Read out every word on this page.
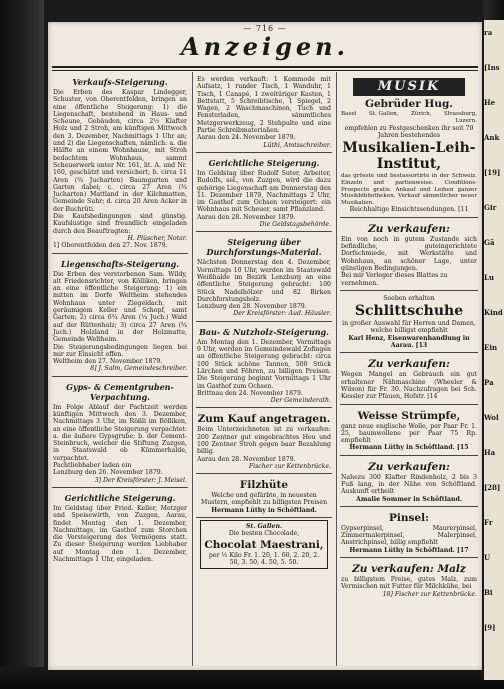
ra
[Ins
He
Ank
[19]
Gir
Gä
Lu
Kind
Ein
Pa
Wol
Ha
[28]
Fr
U
Bi
[9]
— 716 —
Anzeigen.
Verkaufs-Steigerung.
Die Erben des Kaspar Lindegger, Schuster, von Oberentfelden, bringen an eine öffentliche Steigerung: 1) die Liegenschaft, bestehend in Haus- und Scheune, Gebäuden, circa 2½ Klafter Holz und 2 Stroh, am künftigen Mittwoch den 3. Dezember, Nachmittags 1 Uhr an; und 2) die Liegenschaften, nämlich: a. die Hälfte an einem Wohnhause, mit Stroh bedachtem Wohnhaus, sammt Scheuerwerk unter Nr. 161, lit. A. und Nr. 160, geschätzt und versichert; b. circa 11 Aren (¾ Jucharten) Baumgarten und Garten dabei; c. circa 27 Aren (¾ Jucharten) Mattland in der Kilchmatten, Gemeinde Suhr; d. circa 20 Aren Acker in der Buchrüti.
Die Kaufsbedingungen sind günstig. Kaufslustige sind freundlich eingeladen durch den Beauftragten:
H. Plüscher, Notar.
1] Oberentfelden den 27. Nov. 1879.
Liegenschafts-Steigerung.
Die Erben des verstorbenen Sam. Wildy, alt Friedensrichter, von Kölliken, bringen an eine öffentliche Steigerung: 1) ein mitten im Dorfe Weltheim stehendes Wohnhaus unter Ziegeldach, mit geräumigem Keller und Schopf, samt Garten; 2) circa 6¾ Aren (¼ Juch.) Wald auf der Rüttenholz; 3) circa 27 Aren (¾ Juch.) Holzland in der Holzmatte, Gemeinde Weltheim.
Die Steigerungsbedingungen liegen bei mir zur Einsicht offen.
Weltheim den 27. November 1879.
8] J. Salm, Gemeindeschreiber.
Gyps- & Cementgruben-Verpachtung.
Im Folge Ablauf der Pachtzeit werden künftigen Mittwoch den 3. Dezember, Nachmittags 3 Uhr, im Rößli im Bölliken, an eine öffentliche Steigerung verpachtet: a. die äußere Gypsgrube; b. der Cement-Steinbruch, welcher die Stiftung Zuzgen, in Staatswald ob Kümmerhalde, verpachtet.
Pachtliebhaber laden ein
Lenzburg den 26. November 1879.
3] Der Kreisförster: J. Meisel.
Gerichtliche Steigerung.
Im Geldstag über Fried. Keller, Metzger und Speisewirth, von Zuzgen, Aarau, findet Montag den 1. Dezember, Nachmittags, im Gasthof zum Storchen die Versteigerung des Vermögens statt. Zu dieser Steigerung werden Liebhaber auf Montag den 1. Dezember, Nachmittags 1 Uhr, eingeladen.
Es werden verkauft: 1 Kommode mit Aufsatz, 1 runder Tisch, 1 Wanduhr, 1 Tisch, 1 Canapé, 1 zweitüriger Kasten, 1 Bettstatt, 5 Schreibtische, 1 Spiegel, 2 Wagen, 2 Waschmaschinen, Tuch und Fensterladen, sämmtliches Metzgerwerkzeug, 2 Stehpulte und eine Partie Schreibmaterialien.
Aarau den 24. November 1879.
Lüthi, Amtsschreiber.
Gerichtliche Steigerung.
Im Geldstag über Rudolf Suter, Arbeiter, Rudolfs, sel., von Zuzgen, wird die dazu gehörige Liegenschaft am Donnerstag den 11. Dezember 1879, Nachmittags 2 Uhr, im Gasthof zum Ochsen versteigert: ein Wohnhaus mit Scheuer, samt Pflanzland.
Aarau den 28. November 1879.
Die Geldstagsbehörde.
Steigerung über Durchforstungs-Material.
Nächsten Donnerstag den 4. Dezember, Vormittags 10 Uhr, werden im Staatswald Weißhalde im Bezirk Lenzburg an eine öffentliche Steigerung gebracht: 100 Stück Nadelhölzer und 82 Birken Durchforstungsholz.
Lenzburg den 28. November 1879.
Der Kreisförster: Aud. Häusler.
Bau- & Nutzholz-Steigerung.
Am Montag den 1. Dezember, Vormittags 9 Uhr, werden im Gemeindewald Zofingen an öffentliche Steigerung gebracht: circa 100 Stück schöne Tannen, 500 Stück Lärchen und Föhren, zu billigen Preisen. Die Steigerung beginnt Vormittags 1 Uhr im Gasthof zum Ochsen.
Brittnau den 24. November 1879.
Der Gemeinderath.
Zum Kauf angetragen.
Beim Unterzeichneten ist zu verkaufen: 200 Zentner gut eingebrachtes Heu und 100 Zentner Stroh gegen baar Bezahlung billig.
Aarau den 28. November 1879.
Fischer zur Kettenbrücke.
Filzhüte
Welche und gefärbte, in neuesten Mustern, empfiehlt zu billigsten Preisen
Hermann Lüthy in Schöftland.
St. Gallen.
Die besten Chocolade,
Chocolat Maestrani,
per ½ Kilo Fr. 1. 20, 1. 60, 2. 20, 2. 50, 3. 50, 4. 50, 5. 50.
MUSIK
Gebrüder Hug.
Basel St. Gallen, Zürich, Strassburg,
Luzern.
empfehlen zu Festgeschenken ihr seit 70 Jahren bestehendes
Musikalien-Leih-Institut,
das grösste und bestassortirte in der Schweiz. Einzeln und partienweise. Conditions-Prospecte gratis. Ankauf und Leihen ganzer Musikbibliotheken. Verkauf sämmtlicher neuer Musikalien.
Reichhaltige Einsichtssendungen. [11
Zu verkaufen:
Ein von noch in gutem Zustande sich befindliche, guteingerichtete Dorfschmiede, mit Werkstätte und Wohnhaus, an schöner Lage, unter günstigen Bedingungen.
Bei mir Verleger dieses Blattes zu vernehmen.
Soeben erhalten
Schlittschuhe
in großer Auswahl für Herren und Damen, welche billigst empfiehlt
Karl Henz, Eisenwarenhandlung in Aarau. [13
Zu verkaufen:
Wegen Mangel an Gebrauch ein gut erhaltener Nähmaschine (Wheeler & Wilson) für Fr. 30. Nachzufragen bei Sch. Kessler zur Pfauen, Hofstr. [14
Weisse Strümpfe,
ganz neue englische Wolle, per Paar Fr. 1. 25, baumwollene per Paar 75 Rp. empfiehlt
Hermann Lüthy in Schöftland. [15
Zu verkaufen:
Nahezu 300 Klafter Rindenholz, 2 bis 3 Fuß lang, in der Nähe von Schöftland. Auskunft ertheilt
Amalie Sommer in Schöftland.
Pinsel:
Gypserpinsel, Maurerpinsel, Zimmermalerpinsel, Malerpinsel, Anstrichpinsel, billig empfiehlt
Hermann Lüthy in Schöftland. [17
Zu verkaufen: Malz
zu billigstem Preise, gutes Malz, zum Vermischen mit Futter für Milchkühe, bei
18] Fischer zur Kettenbrücke.
